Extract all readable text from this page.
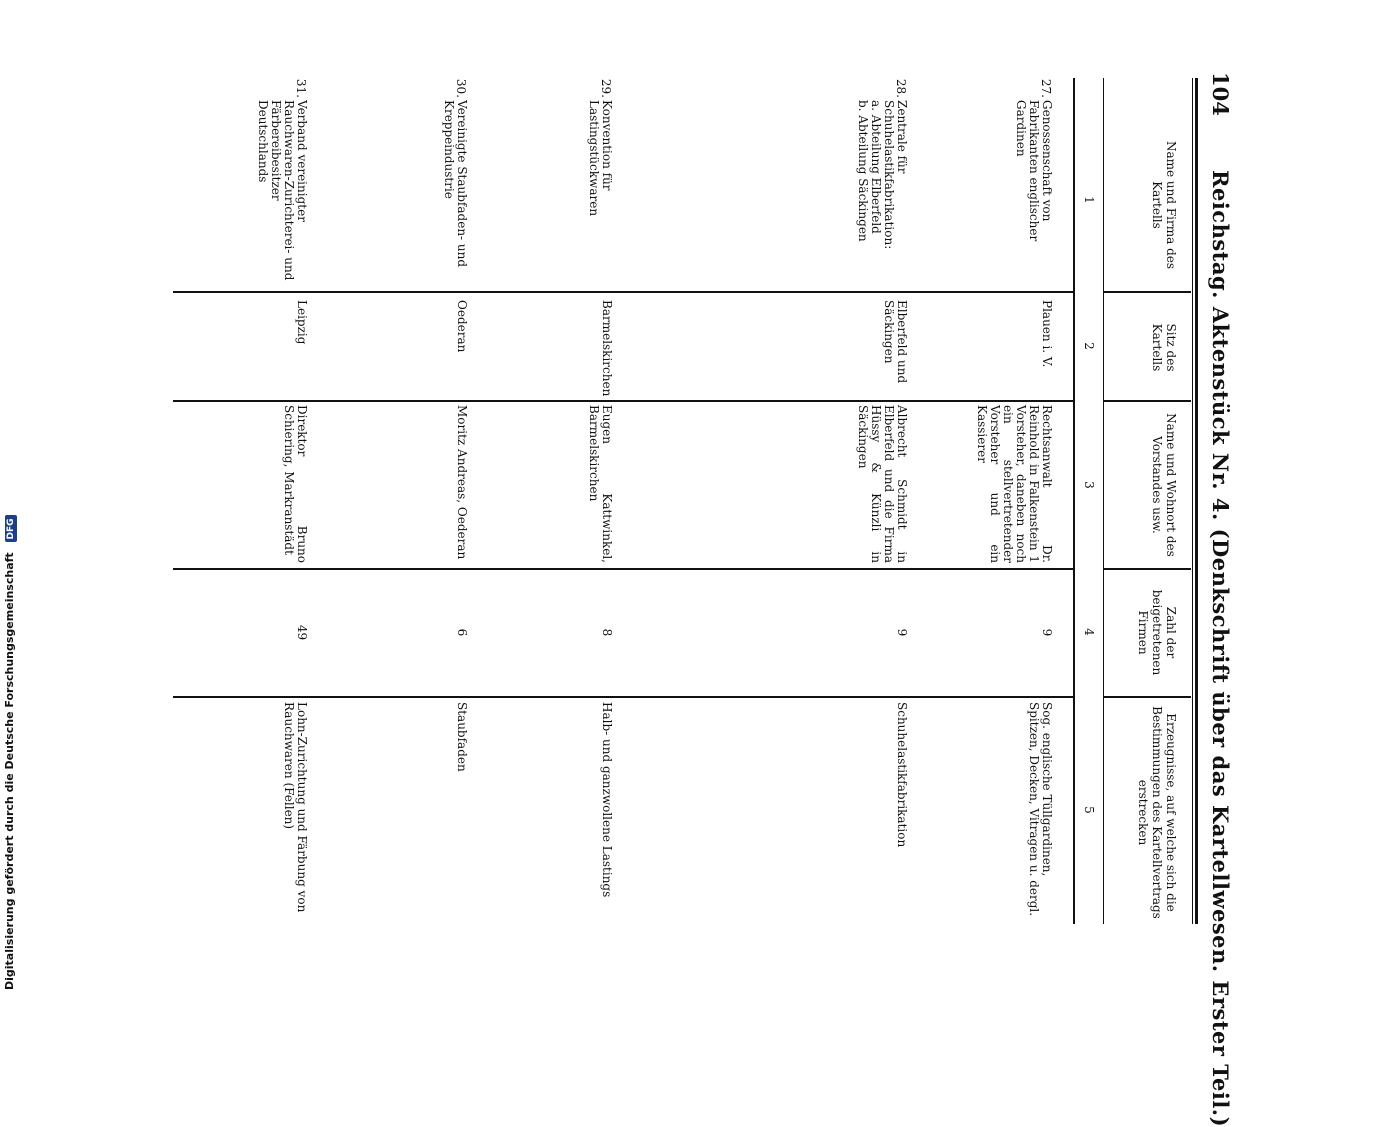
104
Reichstag. Aktenstück Nr. 4. (Denkschrift über das Kartellwesen. Erster Teil.)
Name und Firma des Kartells
Sitz des Kartells
Name und Wohnort des Vorstandes usw.
Zahl der beigetretenen Firmen
Erzeugnisse, auf welche sich die Bestimmungen des Kartellvertrags erstrecken
1
2
3
4
5
27.
Genossenschaft von Fabrikanten englischer Gardinen
Plauen i. V.
Rechtsanwalt Dr. Reinhold in Falkenstein 1 Vorsteher, daneben noch ein stellvertretender Vorsteher und ein Kassierer
9
Sog. englische Tüllgardinen, Spitzen, Decken, Vitragen u. dergl.
28.
Zentrale für Schuhelastikfabrikation:
a. Abteilung Elberfeld
b. Abteilung Säckingen
Elberfeld und Säckingen
Albrecht Schmidt in Elberfeld und die Firma Hüssy & Künzli in Säckingen
9
Schuhelastikfabrikation
29.
Konvention für Lastingstückwaren
Barmelskirchen
Eugen Kattwinkel, Barmelskirchen
8
Halb- und ganzwollene Lastings
30.
Vereinigte Staubfaden- und Kreppeindustrie
Oederan
Moritz Andreas, Oederan
6
Staubfaden
31.
Verband vereinigter Rauchwaren-Zurichterei- und Färbereibesitzer Deutschlands
Leipzig
Direktor Bruno Schiering, Markranstädt
49
Lohn-Zurichtung und Färbung von Rauchwaren (Fellen)
Digitalisierung gefördert durch die Deutsche Forschungsgemeinschaft DFG
